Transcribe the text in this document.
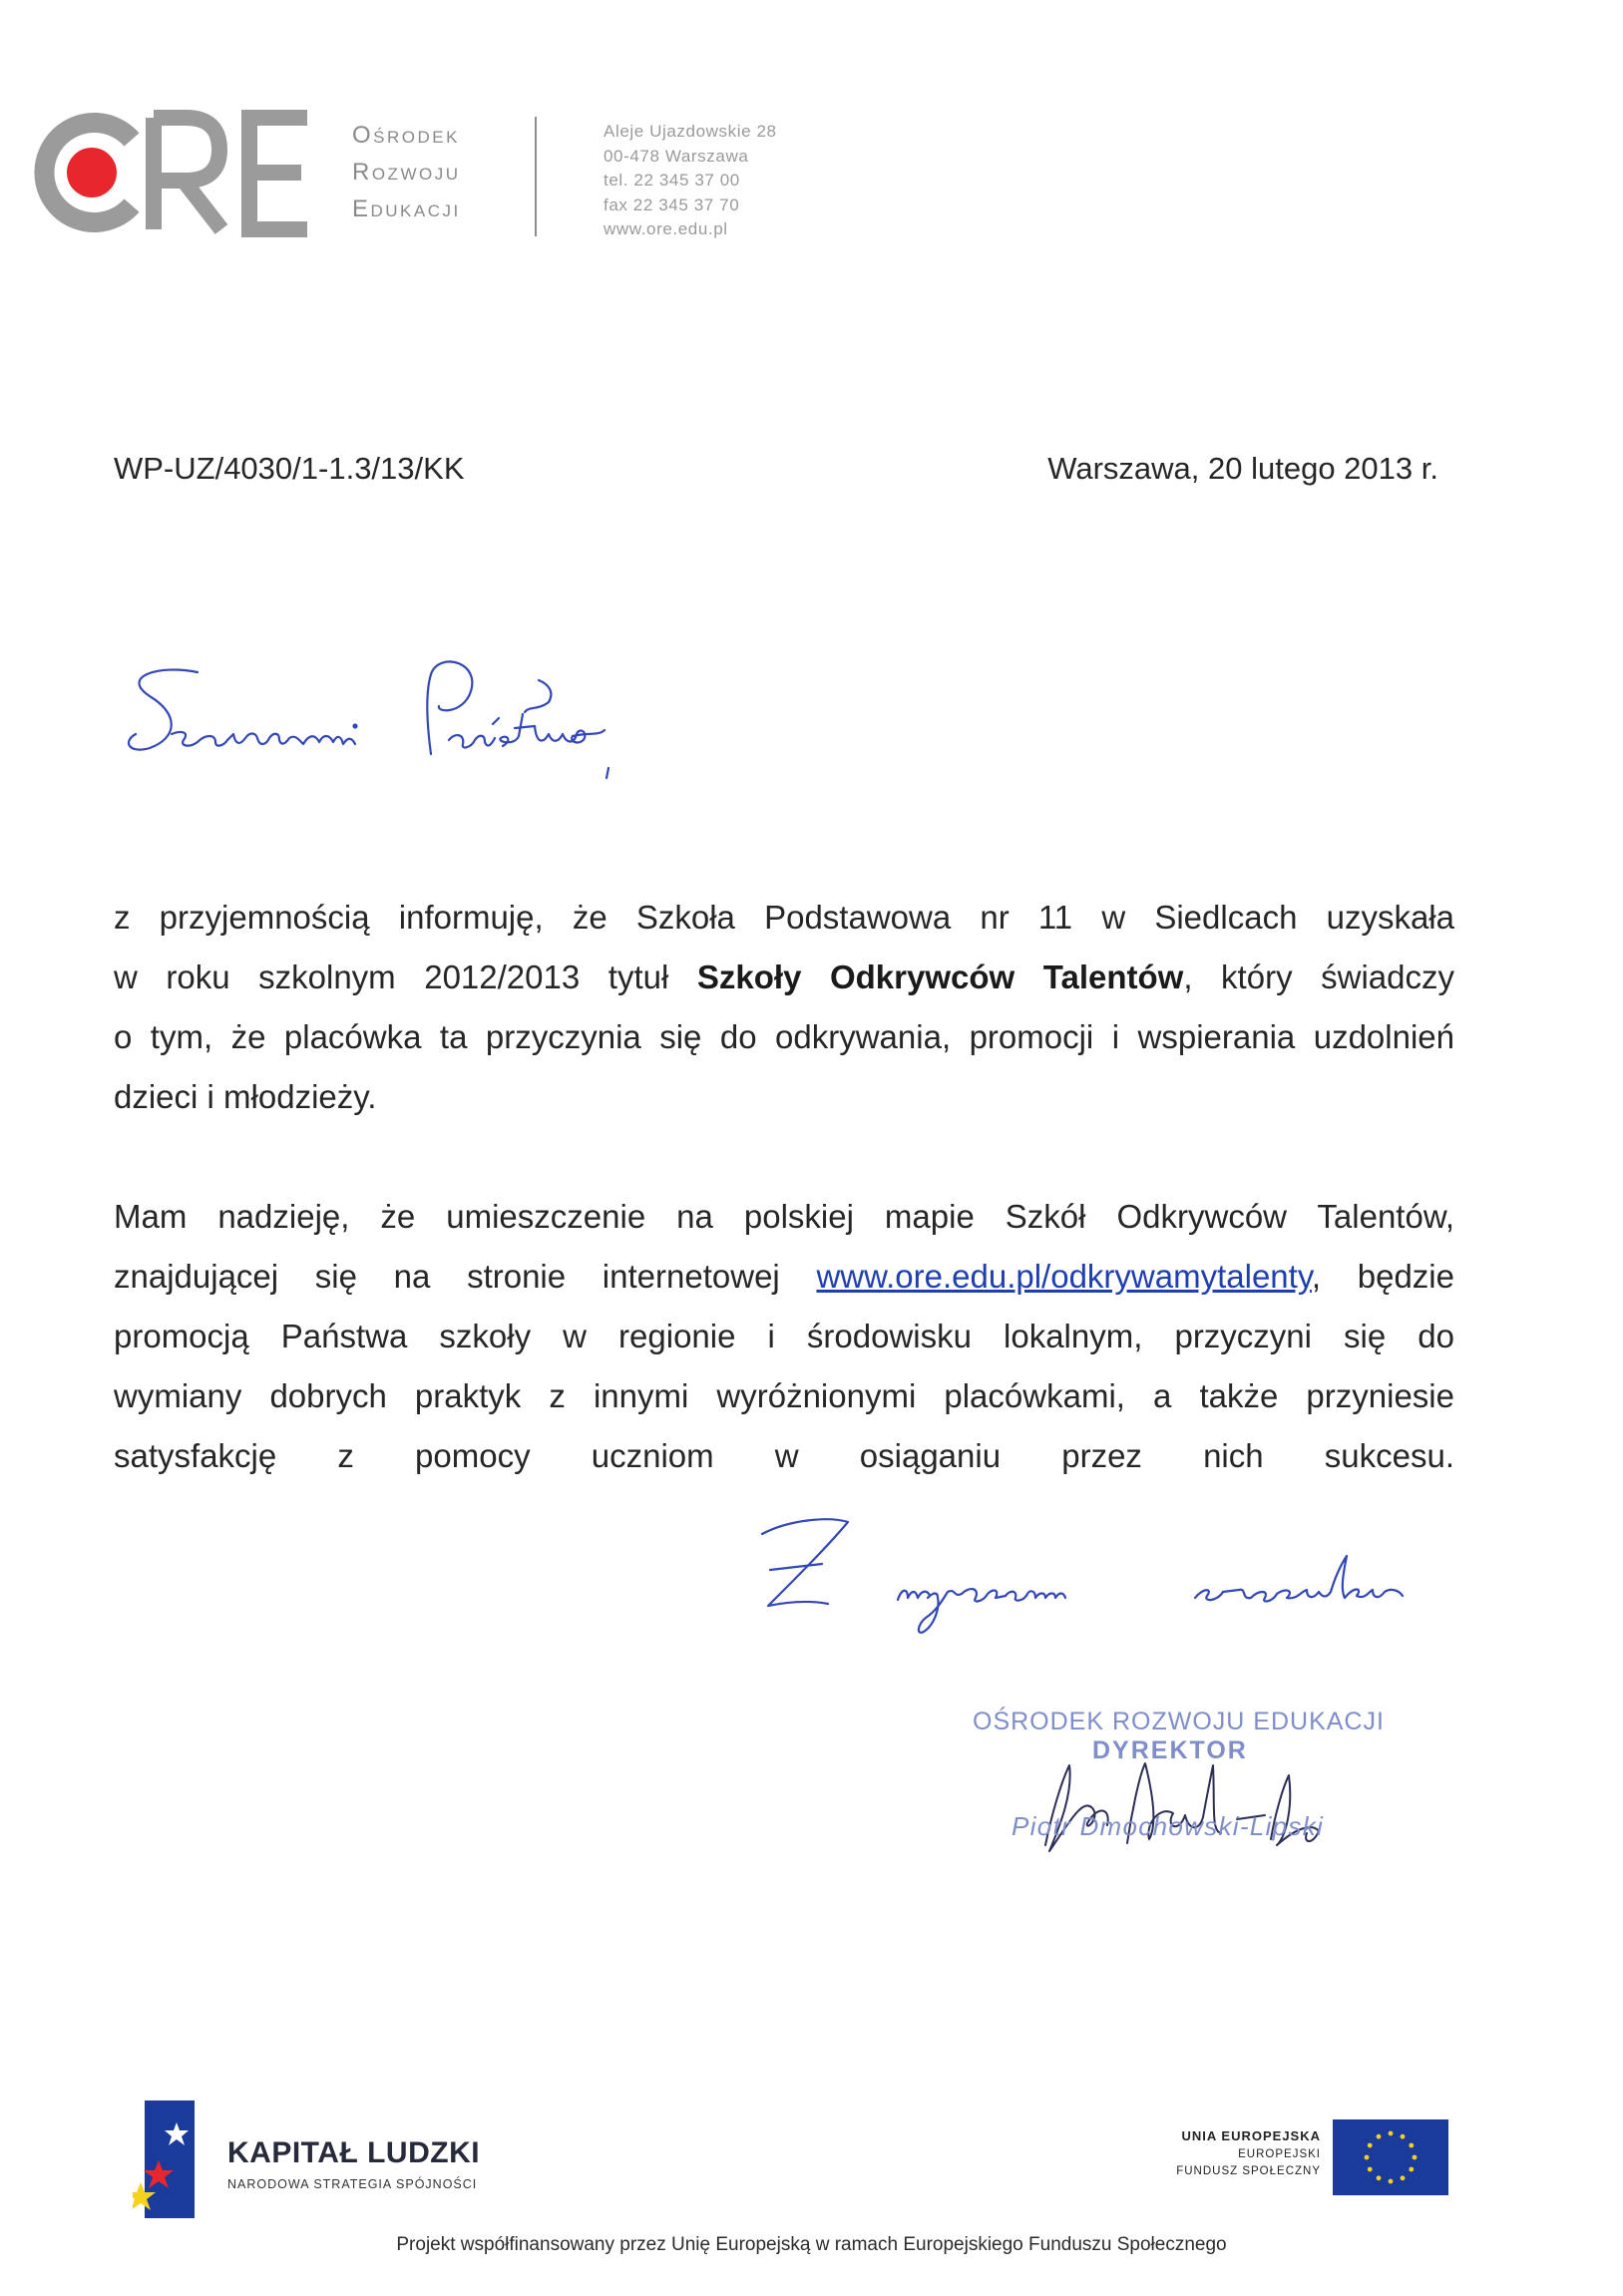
Ośrodek
Rozwoju
Edukacji
Aleje Ujazdowskie 28
00-478 Warszawa
tel. 22 345 37 00
fax 22 345 37 70
www.ore.edu.pl
WP-UZ/4030/1-1.3/13/KK	Warszawa, 20 lutego 2013 r.
z przyjemnością informuję, że Szkoła Podstawowa nr 11 w Siedlcach uzyskała
w roku szkolnym 2012/2013 tytuł Szkoły Odkrywców Talentów, który świadczy
o tym, że placówka ta przyczynia się do odkrywania, promocji i wspierania uzdolnień
dzieci i młodzieży.
Mam nadzieję, że umieszczenie na polskiej mapie Szkół Odkrywców Talentów,
znajdującej się na stronie internetowej www.ore.edu.pl/odkrywamytalenty, będzie
promocją Państwa szkoły w regionie i środowisku lokalnym, przyczyni się do
wymiany dobrych praktyk z innymi wyróżnionymi placówkami, a także przyniesie
satysfakcję z pomocy uczniom w osiąganiu przez nich sukcesu.
OŚRODEK ROZWOJU EDUKACJI
DYREKTOR
Piotr Dmochowski-Lipski
KAPITAŁ LUDZKI
NARODOWA STRATEGIA SPÓJNOŚCI
UNIA EUROPEJSKA
EUROPEJSKI
FUNDUSZ SPOŁECZNY
Projekt współfinansowany przez Unię Europejską w ramach Europejskiego Funduszu Społecznego
